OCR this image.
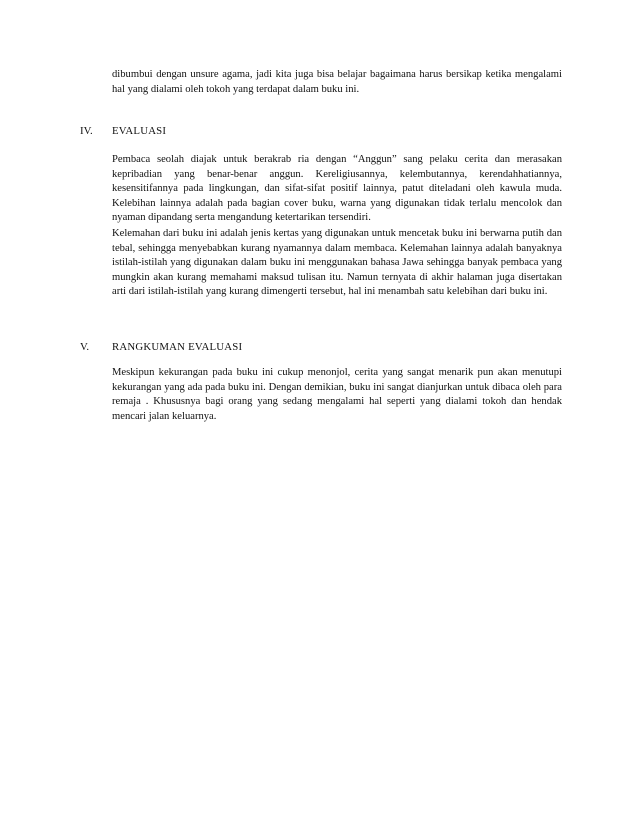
dibumbui dengan unsure agama, jadi kita juga bisa belajar bagaimana harus bersikap ketika mengalami hal yang dialami oleh tokoh yang terdapat dalam buku ini.

IV. EVALUASI

Pembaca seolah diajak untuk berakrab ria dengan “Anggun” sang pelaku cerita dan merasakan kepribadian yang benar-benar anggun. Kereligiusannya, kelembutannya, kerendahhatiannya, kesensitifannya pada lingkungan, dan sifat-sifat positif lainnya, patut diteladani oleh kawula muda. Kelebihan lainnya adalah pada bagian cover buku, warna yang digunakan tidak terlalu mencolok dan nyaman dipandang serta mengandung ketertarikan tersendiri.

Kelemahan dari buku ini adalah jenis kertas yang digunakan untuk mencetak buku ini berwarna putih dan tebal, sehingga menyebabkan kurang nyamannya dalam membaca. Kelemahan lainnya adalah banyaknya istilah-istilah yang digunakan dalam buku ini menggunakan bahasa Jawa sehingga banyak pembaca yang mungkin akan kurang memahami maksud tulisan itu. Namun ternyata di akhir halaman juga disertakan arti dari istilah-istilah yang kurang dimengerti tersebut, hal ini menambah satu kelebihan dari buku ini.

V. RANGKUMAN EVALUASI

Meskipun kekurangan pada buku ini cukup menonjol, cerita yang sangat menarik pun akan menutupi kekurangan yang ada pada buku ini. Dengan demikian, buku ini sangat dianjurkan untuk dibaca oleh para remaja . Khususnya bagi orang yang sedang mengalami hal seperti yang dialami tokoh dan hendak mencari jalan keluarnya.
